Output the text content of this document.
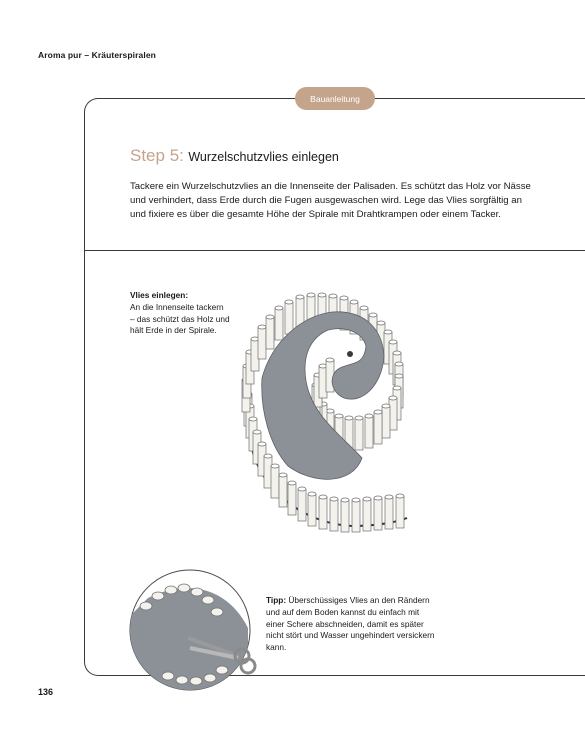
Aroma pur – Kräuterspiralen
Bauanleitung
Step 5: Wurzelschutzvlies einlegen

Tackere ein Wurzelschutzvlies an die Innenseite der Palisaden. Es schützt das Holz vor Nässe und verhindert, dass Erde durch die Fugen ausgewaschen wird. Lege das Vlies sorgfältig an und fixiere es über die gesamte Höhe der Spirale mit Drahtkrampen oder einem Tacker.

Vlies einlegen:
An die Innenseite tackern – das schützt das Holz und hält Erde in der Spirale.
Tipp: Überschüssiges Vlies an den Rändern und auf dem Boden kannst du einfach mit einer Schere abschneiden, damit es später nicht stört und Wasser ungehindert versickern kann.
136
